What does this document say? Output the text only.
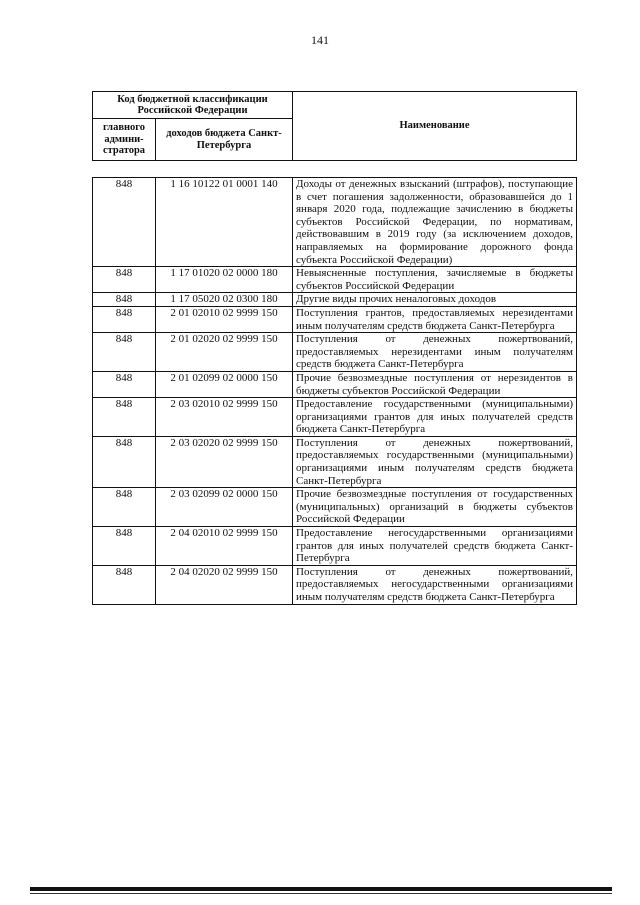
141
Код бюджетной классификации Российской Федерации		Наименование
главного админи-стратора	доходов бюджета Санкт-Петербурга	
848	1 16 10122 01 0001 140	Доходы от денежных взысканий (штрафов), поступающие в счет погашения задолженности, образовавшейся до 1 января 2020 года, подлежащие зачислению в бюджеты субъектов Российской Федерации, по нормативам, действовавшим в 2019 году (за исключением доходов, направляемых на формирование дорожного фонда субъекта Российской Федерации)
848	1 17 01020 02 0000 180	Невыясненные поступления, зачисляемые в бюджеты субъектов Российской Федерации
848	1 17 05020 02 0300 180	Другие виды прочих неналоговых доходов
848	2 01 02010 02 9999 150	Поступления грантов, предоставляемых нерезидентами иным получателям средств бюджета Санкт-Петербурга
848	2 01 02020 02 9999 150	Поступления от денежных пожертвований, предоставляемых нерезидентами иным получателям средств бюджета Санкт-Петербурга
848	2 01 02099 02 0000 150	Прочие безвозмездные поступления от нерезидентов в бюджеты субъектов Российской Федерации
848	2 03 02010 02 9999 150	Предоставление государственными (муниципальными) организациями грантов для иных получателей средств бюджета Санкт-Петербурга
848	2 03 02020 02 9999 150	Поступления от денежных пожертвований, предоставляемых государственными (муниципальными) организациями иным получателям средств бюджета Санкт-Петербурга
848	2 03 02099 02 0000 150	Прочие безвозмездные поступления от государственных (муниципальных) организаций в бюджеты субъектов Российской Федерации
848	2 04 02010 02 9999 150	Предоставление негосударственными организациями грантов для иных получателей средств бюджета Санкт-Петербурга
848	2 04 02020 02 9999 150	Поступления от денежных пожертвований, предоставляемых негосударственными организациями иным получателям средств бюджета Санкт-Петербурга
